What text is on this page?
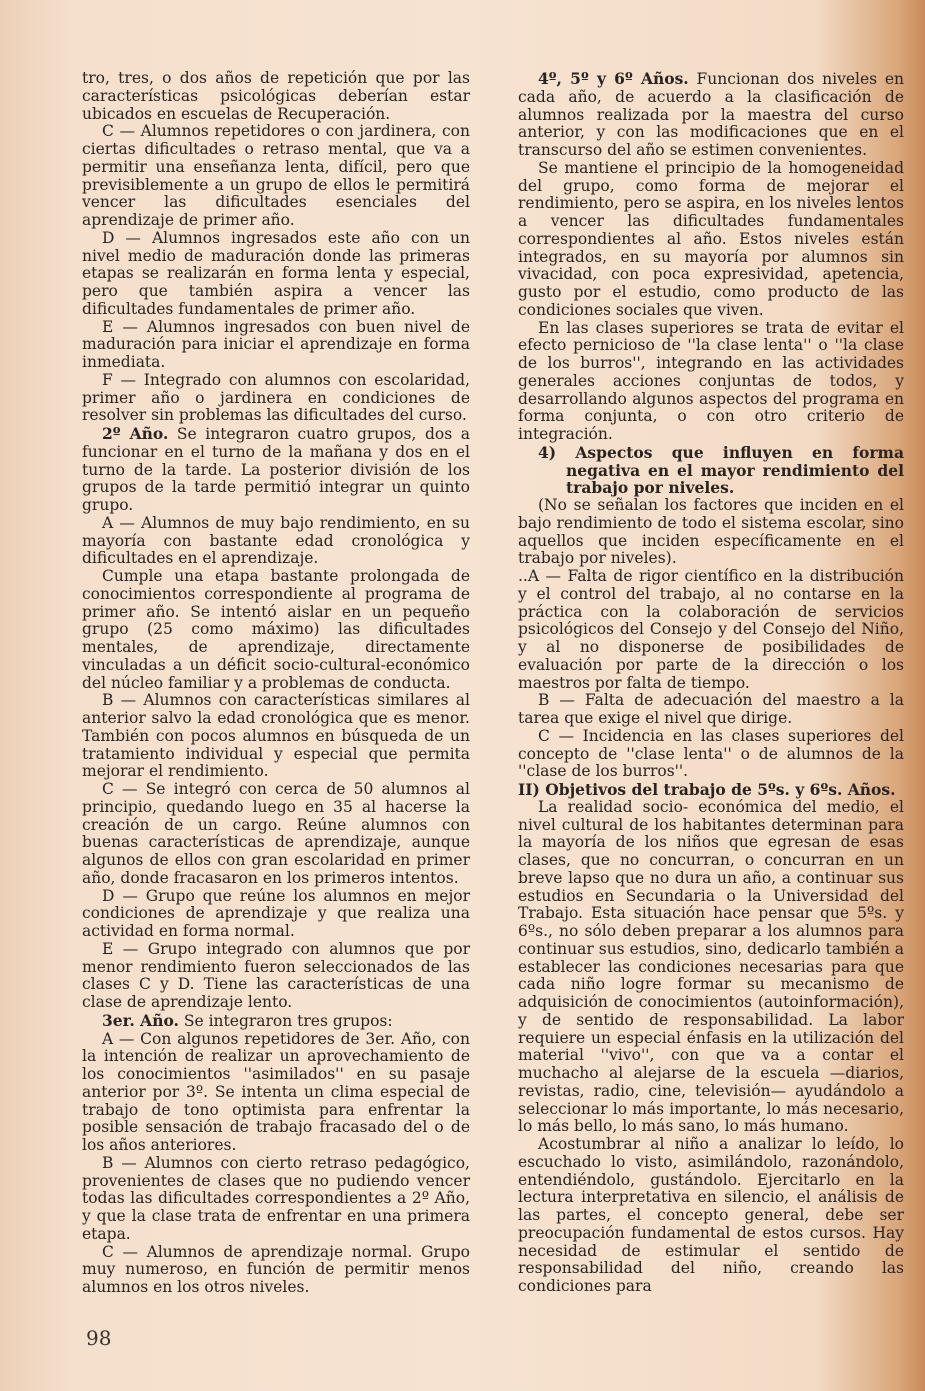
tro, tres, o dos años de repetición que por las características psicológicas deberían estar ubicados en escuelas de Recuperación.

C — Alumnos repetidores o con jardinera, con ciertas dificultades o retraso mental, que va a permitir una enseñanza lenta, difícil, pero que previsiblemente a un grupo de ellos le permitirá vencer las dificultades esenciales del aprendizaje de primer año.

D — Alumnos ingresados este año con un nivel medio de maduración donde las primeras etapas se realizarán en forma lenta y especial, pero que también aspira a vencer las dificultades fundamentales de primer año.

E — Alumnos ingresados con buen nivel de maduración para iniciar el aprendizaje en forma inmediata.

F — Integrado con alumnos con escolaridad, primer año o jardinera en condiciones de resolver sin problemas las dificultades del curso.

2º Año. Se integraron cuatro grupos, dos a funcionar en el turno de la mañana y dos en el turno de la tarde. La posterior división de los grupos de la tarde permitió integrar un quinto grupo.

A — Alumnos de muy bajo rendimiento, en su mayoría con bastante edad cronológica y dificultades en el aprendizaje.

Cumple una etapa bastante prolongada de conocimientos correspondiente al programa de primer año. Se intentó aislar en un pequeño grupo (25 como máximo) las dificultades mentales, de aprendizaje, directamente vinculadas a un déficit socio-cultural-económico del núcleo familiar y a problemas de conducta.

B — Alumnos con características similares al anterior salvo la edad cronológica que es menor. También con pocos alumnos en búsqueda de un tratamiento individual y especial que permita mejorar el rendimiento.

C — Se integró con cerca de 50 alumnos al principio, quedando luego en 35 al hacerse la creación de un cargo. Reúne alumnos con buenas características de aprendizaje, aunque algunos de ellos con gran escolaridad en primer año, donde fracasaron en los primeros intentos.

D — Grupo que reúne los alumnos en mejor condiciones de aprendizaje y que realiza una actividad en forma normal.

E — Grupo integrado con alumnos que por menor rendimiento fueron seleccionados de las clases C y D. Tiene las características de una clase de aprendizaje lento.

3er. Año. Se integraron tres grupos:

A — Con algunos repetidores de 3er. Año, con la intención de realizar un aprovechamiento de los conocimientos ''asimilados'' en su pasaje anterior por 3º. Se intenta un clima especial de trabajo de tono optimista para enfrentar la posible sensación de trabajo fracasado del o de los años anteriores.

B — Alumnos con cierto retraso pedagógico, provenientes de clases que no pudiendo vencer todas las dificultades correspondientes a 2º Año, y que la clase trata de enfrentar en una primera etapa.

C — Alumnos de aprendizaje normal. Grupo muy numeroso, en función de permitir menos alumnos en los otros niveles.

4º, 5º y 6º Años. Funcionan dos niveles en cada año, de acuerdo a la clasificación de alumnos realizada por la maestra del curso anterior, y con las modificaciones que en el transcurso del año se estimen convenientes.

Se mantiene el principio de la homogeneidad del grupo, como forma de mejorar el rendimiento, pero se aspira, en los niveles lentos a vencer las dificultades fundamentales correspondientes al año. Estos niveles están integrados, en su mayoría por alumnos sin vivacidad, con poca expresividad, apetencia, gusto por el estudio, como producto de las condiciones sociales que viven.

En las clases superiores se trata de evitar el efecto pernicioso de ''la clase lenta'' o ''la clase de los burros'', integrando en las actividades generales acciones conjuntas de todos, y desarrollando algunos aspectos del programa en forma conjunta, o con otro criterio de integración.

4) Aspectos que influyen en forma negativa en el mayor rendimiento del trabajo por niveles.

(No se señalan los factores que inciden en el bajo rendimiento de todo el sistema escolar, sino aquellos que inciden específicamente en el trabajo por niveles).

..A — Falta de rigor científico en la distribución y el control del trabajo, al no contarse en la práctica con la colaboración de servicios psicológicos del Consejo y del Consejo del Niño, y al no disponerse de posibilidades de evaluación por parte de la dirección o los maestros por falta de tiempo.

B — Falta de adecuación del maestro a la tarea que exige el nivel que dirige.

C — Incidencia en las clases superiores del concepto de ''clase lenta'' o de alumnos de la ''clase de los burros''.

II) Objetivos del trabajo de 5ºs. y 6ºs. Años.

La realidad socio- económica del medio, el nivel cultural de los habitantes determinan para la mayoría de los niños que egresan de esas clases, que no concurran, o concurran en un breve lapso que no dura un año, a continuar sus estudios en Secundaria o la Universidad del Trabajo. Esta situación hace pensar que 5ºs. y 6ºs., no sólo deben preparar a los alumnos para continuar sus estudios, sino, dedicarlo también a establecer las condiciones necesarias para que cada niño logre formar su mecanismo de adquisición de conocimientos (autoinformación), y de sentido de responsabilidad. La labor requiere un especial énfasis en la utilización del material ''vivo'', con que va a contar el muchacho al alejarse de la escuela —diarios, revistas, radio, cine, televisión— ayudándolo a seleccionar lo más importante, lo más necesario, lo más bello, lo más sano, lo más humano.

Acostumbrar al niño a analizar lo leído, lo escuchado lo visto, asimilándolo, razonándolo, entendiéndolo, gustándolo. Ejercitarlo en la lectura interpretativa en silencio, el análisis de las partes, el concepto general, debe ser preocupación fundamental de estos cursos. Hay necesidad de estimular el sentido de responsabilidad del niño, creando las condiciones para

98
